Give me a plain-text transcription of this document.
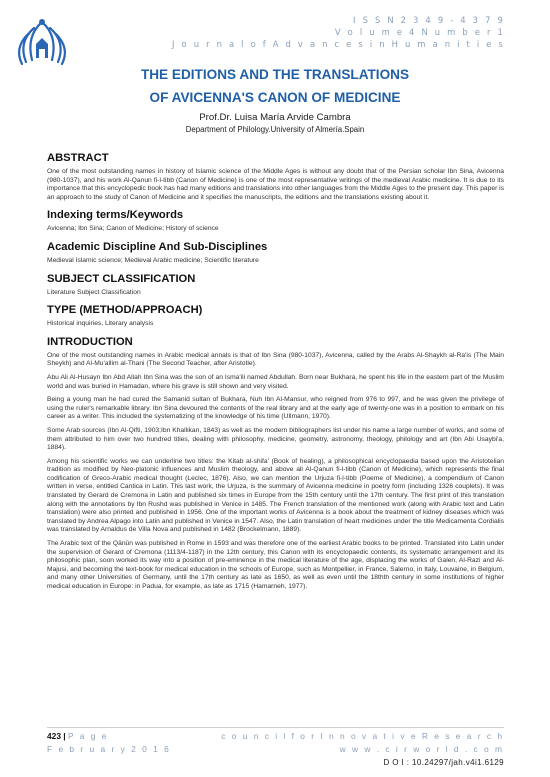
I S S N 2 3 4 9 - 4 3 7 9
V o l u m e 4 N u m b e r 1
J o u r n a l o f A d v a n c e s i n H u m a n i t i e s
THE EDITIONS AND THE TRANSLATIONS
OF AVICENNA'S CANON OF MEDICINE
Prof.Dr. Luisa María Arvide Cambra
Department of Philology.University of Almería.Spain
ABSTRACT

One of the most outstanding names in history of Islamic science of the Middle Ages is without any doubt that of the Persian scholar Ibn Sina, Avicenna (980-1037), and his work Al-Qanun fi-l-tibb (Canon of Medicine) is one of the most representative writings of the medieval Arabic medicine. It is due to its importance that this encyclopedic book has had many editions and translations into other languages from the Middle Ages to the present day. This paper is an approach to the study of Canon of Medicine and it specifies the manuscripts, the editions and the translations existing about it.

Indexing terms/Keywords

Avicenna; Ibn Sina; Canon of Medicine; History of science

Academic Discipline And Sub-Disciplines

Medieval Islamic science; Medieval Arabic medicine; Scientific literature

SUBJECT CLASSIFICATION

Literature Subject Classification

TYPE (METHOD/APPROACH)

Historical inquiries, Literary analysis

INTRODUCTION

One of the most outstanding names in Arabic medical annals is that of Ibn Sina (980-1037), Avicenna, called by the Arabs Al-Shaykh al-Ra'is (The Main Sheykh) and Al-Mu'allim al-Thani (The Second Teacher, after Aristotle).

Abu Ali Al-Husayn Ibn Abd Allah Ibn Sina was the son of an Isma'ili named Abdullah. Born near Bukhara, he spent his life in the eastern part of the Muslim world and was buried in Hamadan, where his grave is still shown and very visited.

Being a young man he had cured the Samanid sultan of Bukhara, Nuh Ibn Al-Mansur, who reigned from 976 to 997, and he was given the privilege of using the ruler's remarkable library. Ibn Sina devoured the contents of the real library and at the early age of twenty-one was in a position to embark on his career as a writer. This included the systematizing of the knowledge of his time (Ullmann, 1970).

Some Arab sources (Ibn Al-Qifti, 1903;Ibn Khallikan, 1843) as well as the modern bibliographers list under his name a large number of works, and some of them attributed to him over two hundred titles, dealing with philosophy, medicine, geometry, astronomy, theology, philology and art (Ibn Abi Usaybi'a, 1884).

Among his scientific works we can underline two titles: the Kitab al-shifa' (Book of healing), a philosophical encyclopaedia based upon the Aristotelian tradition as modified by Neo-platonic influences and Muslim theology, and above all Al-Qanun fi-l-tibb (Canon of Medicine), which represents the final codification of Greco-Arabic medical thought (Leclec, 1876). Also, we can mention the Urjuza fi-l-tibb (Poeme of Medicine), a compendium of Canon written in verse, entitled Cantica in Latin. This last work, the Urjuza, is the summary of Avicenna medicine in poetry form (including 1326 couplets). It was translated by Gerard de Cremona in Latin and published six times in Europe from the 15th century until the 17th century. The first print of this translation along with the annotations by Ibn Rushd was published in Venice in 1485. The French translation of the mentioned work (along with Arabic text and Latin translation) were also printed and published in 1956. One of the important works of Avicenna is a book about the treatment of kidney diseases which was translated by Andrea Alpago into Latin and published in Venice in 1547. Also, the Latin translation of heart medicines under the title Medicamenta Cordialis was translated by Arnaldus de Villa Nova and published in 1482 (Brockelmann, 1889).

The Arabic text of the Qānūn was published in Rome in 1593 and was therefore one of the earliest Arabic books to be printed. Translated into Latin under the supervision of Gerard of Cremona (1113/4-1187) in the 12th century, this Canon with its encyclopaedic contents, its systematic arrangement and its philosophic plan, soon worked its way into a position of pre-eminence in the medical literature of the age, displacing the works of Galen, Al-Razi and Al-Majusi, and becoming the text-book for medical education in the schools of Europe, such as Montpellier, in France, Salerno, in Italy, Louvaine, in Belgium, and many other Universities of Germany, until the 17th century as late as 1650, as well as even until the 18thth century in some institutions of higher medical education in Europe: in Padua, for example, as late as 1715 (Hamarneh, 1977).

423 | P a g e
F e b r u a r y 2 0 1 6
c o u n c i l f o r I n n o v a t i v e R e s e a r c h
w w w . c i r w o r l d . c o m
D O I : 10.24297/jah.v4i1.6129
